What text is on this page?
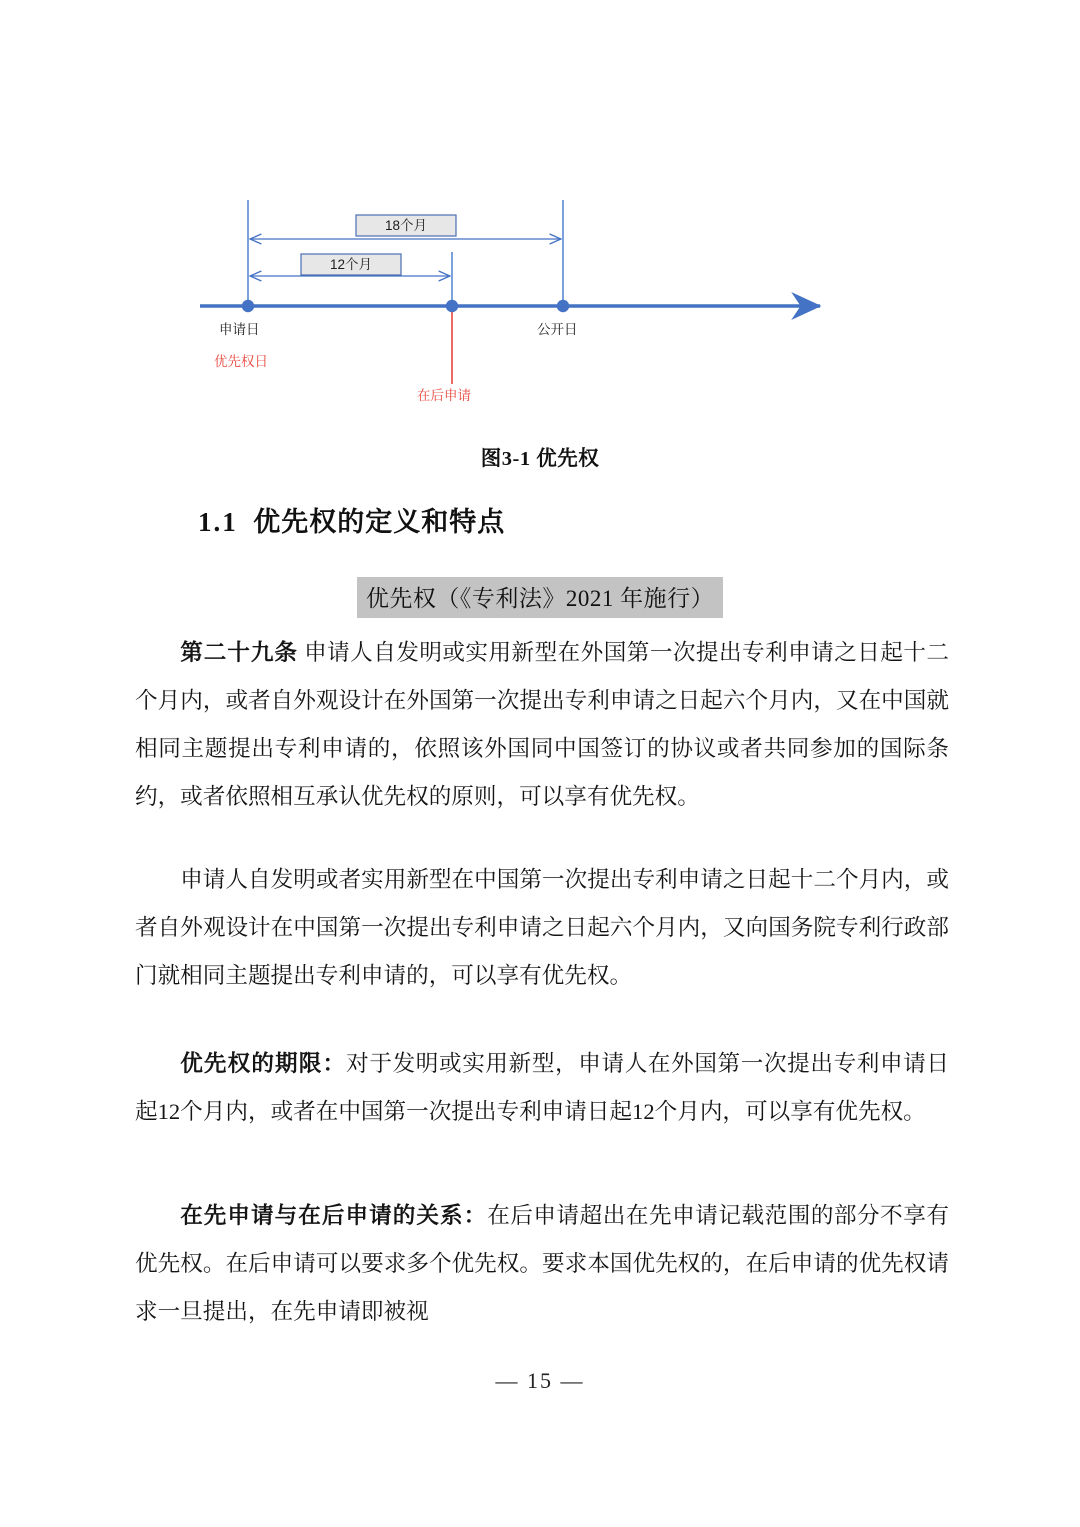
18个月
12个月
申请日
优先权日
在后申请
公开日
图3-1 优先权
1.1 优先权的定义和特点
优先权（《专利法》2021 年施行）

第二十九条 申请人自发明或实用新型在外国第一次提出专利申请之日起十二个月内，或者自外观设计在外国第一次提出专利申请之日起六个月内，又在中国就相同主题提出专利申请的，依照该外国同中国签订的协议或者共同参加的国际条约，或者依照相互承认优先权的原则，可以享有优先权。

申请人自发明或者实用新型在中国第一次提出专利申请之日起十二个月内，或者自外观设计在中国第一次提出专利申请之日起六个月内，又向国务院专利行政部门就相同主题提出专利申请的，可以享有优先权。

优先权的期限：对于发明或实用新型，申请人在外国第一次提出专利申请日起12个月内，或者在中国第一次提出专利申请日起12个月内，可以享有优先权。

在先申请与在后申请的关系：在后申请超出在先申请记载范围的部分不享有优先权。在后申请可以要求多个优先权。要求本国优先权的，在后申请的优先权请求一旦提出，在先申请即被视

— 15 —
